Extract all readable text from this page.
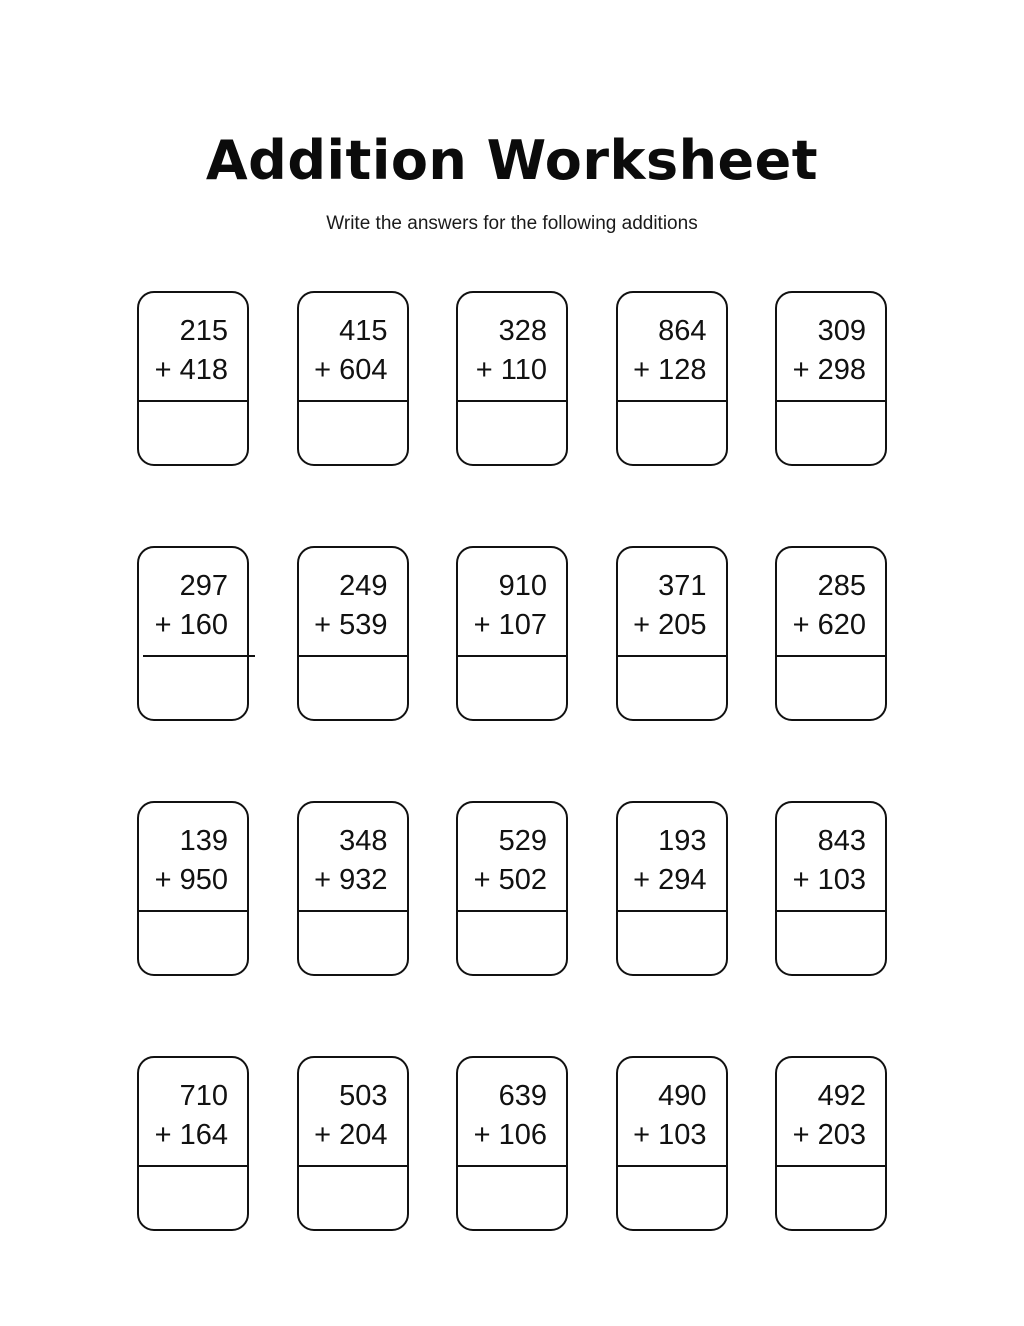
Addition Worksheet
Write the answers for the following additions
215
+ 418
415
+ 604
328
+ 110
864
+ 128
309
+ 298
297
+ 160
249
+ 539
910
+ 107
371
+ 205
285
+ 620
139
+ 950
348
+ 932
529
+ 502
193
+ 294
843
+ 103
710
+ 164
503
+ 204
639
+ 106
490
+ 103
492
+ 203
